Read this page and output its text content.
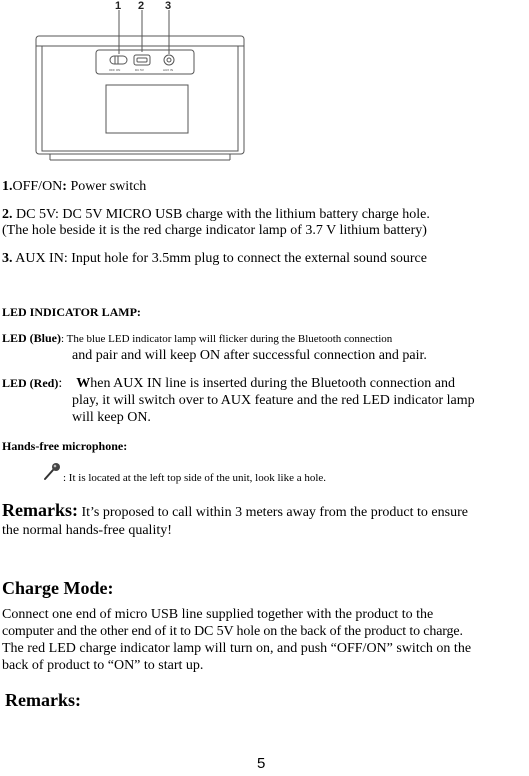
1 2 3
OFF ON	DC 5V	AUX IN
1.OFF/ON: Power switch
2. DC 5V: DC 5V MICRO USB charge with the lithium battery charge hole.
(The hole beside it is the red charge indicator lamp of 3.7 V lithium battery)
3. AUX IN: Input hole for 3.5mm plug to connect the external sound source
LED INDICATOR LAMP:
LED (Blue): The blue LED indicator lamp will flicker during the Bluetooth connection
and pair and will keep ON after successful connection and pair.
LED (Red): When AUX IN line is inserted during the Bluetooth connection and
play, it will switch over to AUX feature and the red LED indicator lamp
will keep ON.
Hands-free microphone:
: It is located at the left top side of the unit, look like a hole.
Remarks: It’s proposed to call within 3 meters away from the product to ensure
the normal hands-free quality!
Charge Mode:
Connect one end of micro USB line supplied together with the product to the
computer and the other end of it to DC 5V hole on the back of the product to charge.
The red LED charge indicator lamp will turn on, and push “OFF/ON” switch on the
back of product to “ON” to start up.
Remarks:
5
